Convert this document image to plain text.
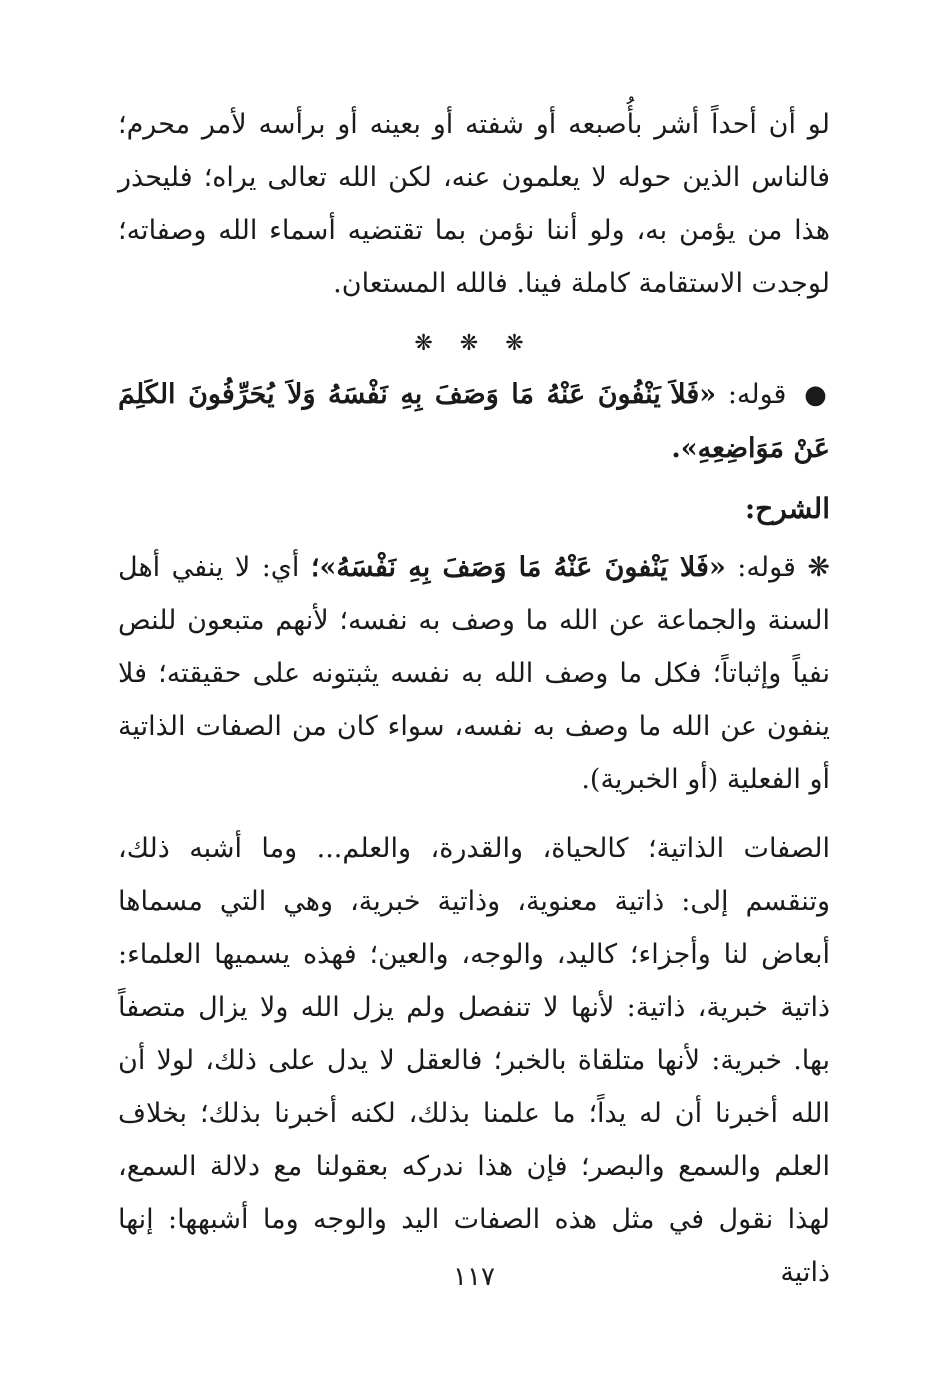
لو أن أحداً أشر بأُصبعه أو شفته أو بعينه أو برأسه لأمر محرم؛ فالناس الذين حوله لا يعلمون عنه، لكن الله تعالى يراه؛ فليحذر هذا من يؤمن به، ولو أننا نؤمن بما تقتضيه أسماء الله وصفاته؛ لوجدت الاستقامة كاملة فينا. فالله المستعان.

❋ ❋ ❋

● قوله: «فَلاَ يَنْفُونَ عَنْهُ مَا وَصَفَ بِهِ نَفْسَهُ وَلاَ يُحَرِّفُونَ الكَلِمَ عَنْ مَوَاضِعِهِ».

الشرح:

❋ قوله: «فَلا يَنْفونَ عَنْهُ مَا وَصَفَ بِهِ نَفْسَهُ»؛ أي: لا ينفي أهل السنة والجماعة عن الله ما وصف به نفسه؛ لأنهم متبعون للنص نفياً وإثباتاً؛ فكل ما وصف الله به نفسه يثبتونه على حقيقته؛ فلا ينفون عن الله ما وصف به نفسه، سواء كان من الصفات الذاتية أو الفعلية (أو الخبرية).

الصفات الذاتية؛ كالحياة، والقدرة، والعلم... وما أشبه ذلك، وتنقسم إلى: ذاتية معنوية، وذاتية خبرية، وهي التي مسماها أبعاض لنا وأجزاء؛ كاليد، والوجه، والعين؛ فهذه يسميها العلماء: ذاتية خبرية، ذاتية: لأنها لا تنفصل ولم يزل الله ولا يزال متصفاً بها. خبرية: لأنها متلقاة بالخبر؛ فالعقل لا يدل على ذلك، لولا أن الله أخبرنا أن له يداً؛ ما علمنا بذلك، لكنه أخبرنا بذلك؛ بخلاف العلم والسمع والبصر؛ فإن هذا ندركه بعقولنا مع دلالة السمع، لهذا نقول في مثل هذه الصفات اليد والوجه وما أشبهها: إنها ذاتية

١١٧
